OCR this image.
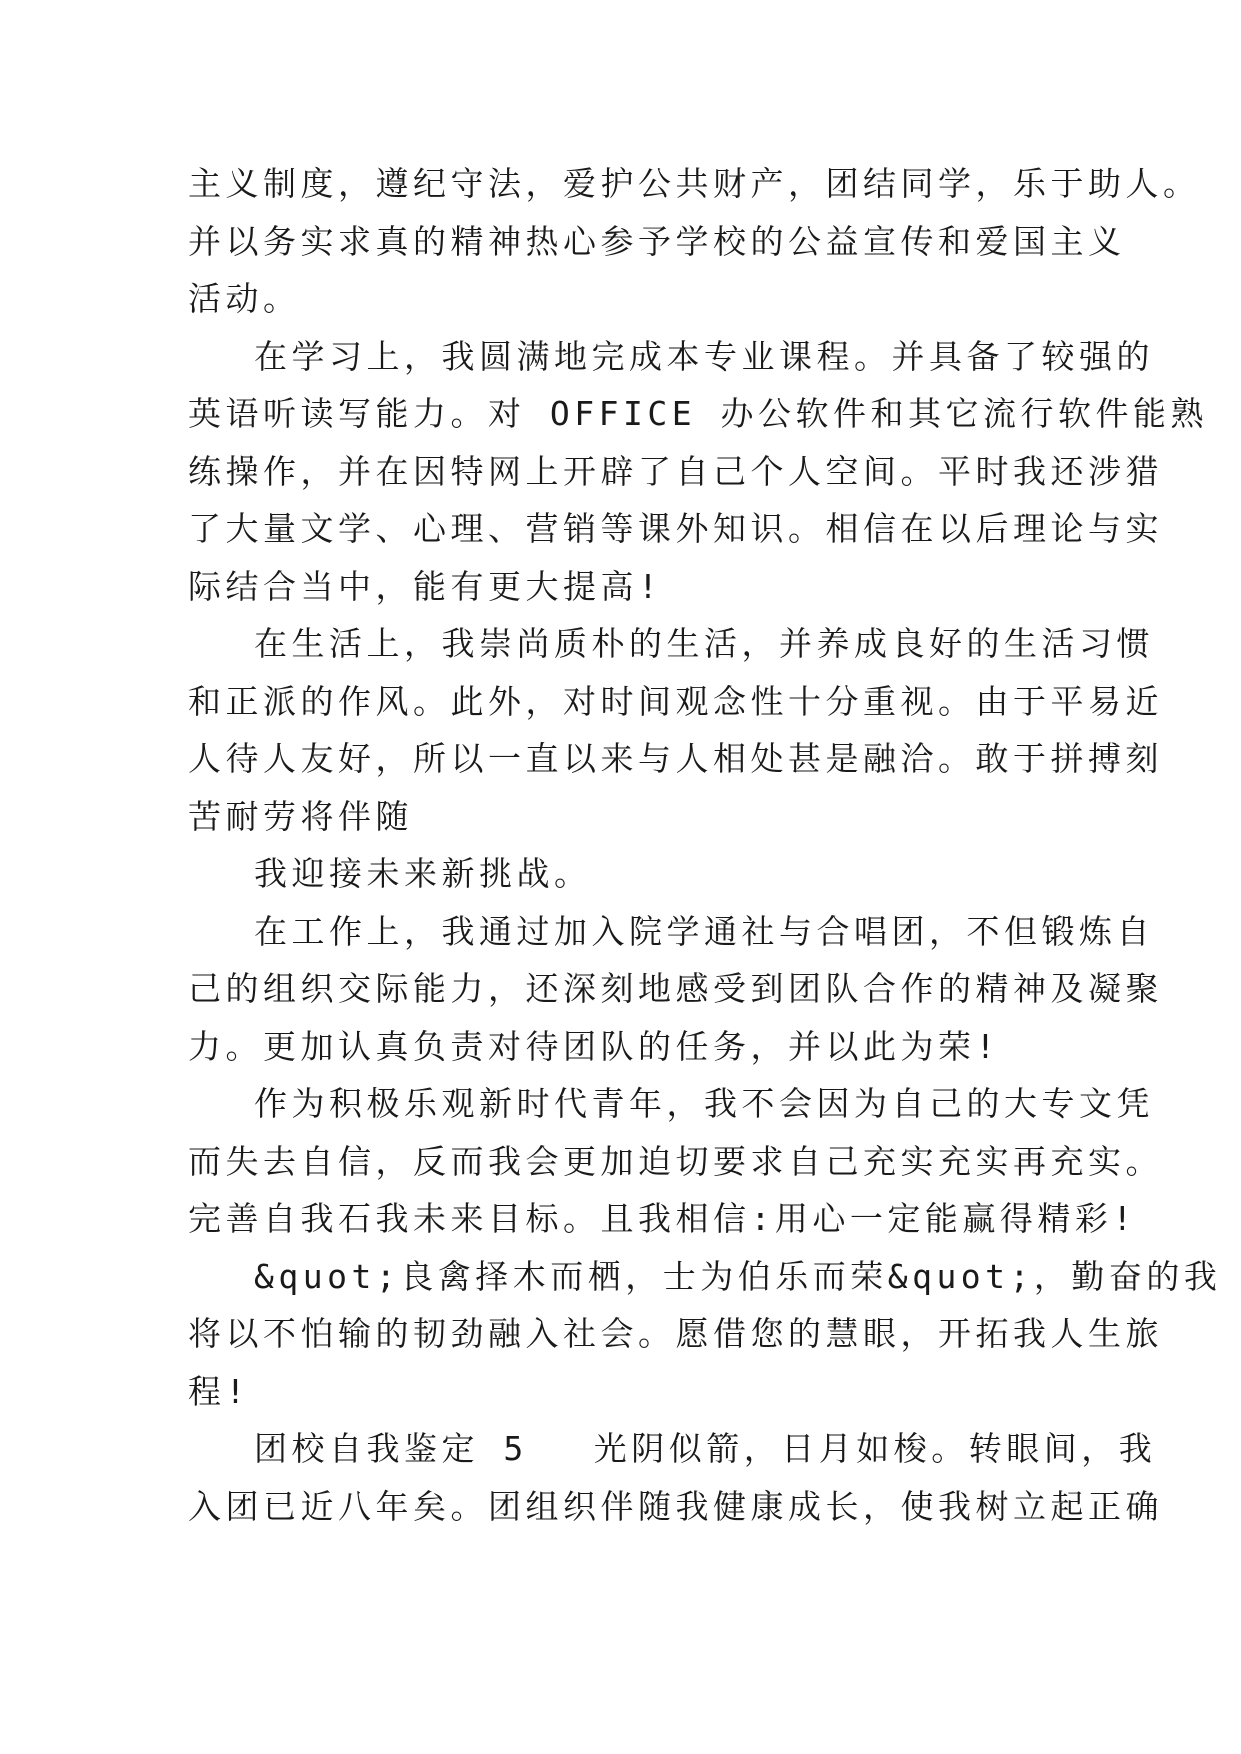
主义制度，遵纪守法，爱护公共财产，团结同学，乐于助人。
并以务实求真的精神热心参予学校的公益宣传和爱国主义
活动。
在学习上，我圆满地完成本专业课程。并具备了较强的
英语听读写能力。对 OFFICE 办公软件和其它流行软件能熟
练操作，并在因特网上开辟了自己个人空间。平时我还涉猎
了大量文学、心理、营销等课外知识。相信在以后理论与实
际结合当中，能有更大提高!
在生活上，我崇尚质朴的生活，并养成良好的生活习惯
和正派的作风。此外，对时间观念性十分重视。由于平易近
人待人友好，所以一直以来与人相处甚是融洽。敢于拼搏刻
苦耐劳将伴随
我迎接未来新挑战。
在工作上，我通过加入院学通社与合唱团，不但锻炼自
己的组织交际能力，还深刻地感受到团队合作的精神及凝聚
力。更加认真负责对待团队的任务，并以此为荣!
作为积极乐观新时代青年，我不会因为自己的大专文凭
而失去自信，反而我会更加迫切要求自己充实充实再充实。
完善自我石我未来目标。且我相信:用心一定能赢得精彩!
&quot;良禽择木而栖，士为伯乐而荣&quot;，勤奋的我
将以不怕输的韧劲融入社会。愿借您的慧眼，开拓我人生旅
程!
团校自我鉴定 5 光阴似箭，日月如梭。转眼间，我
入团已近八年矣。团组织伴随我健康成长，使我树立起正确
